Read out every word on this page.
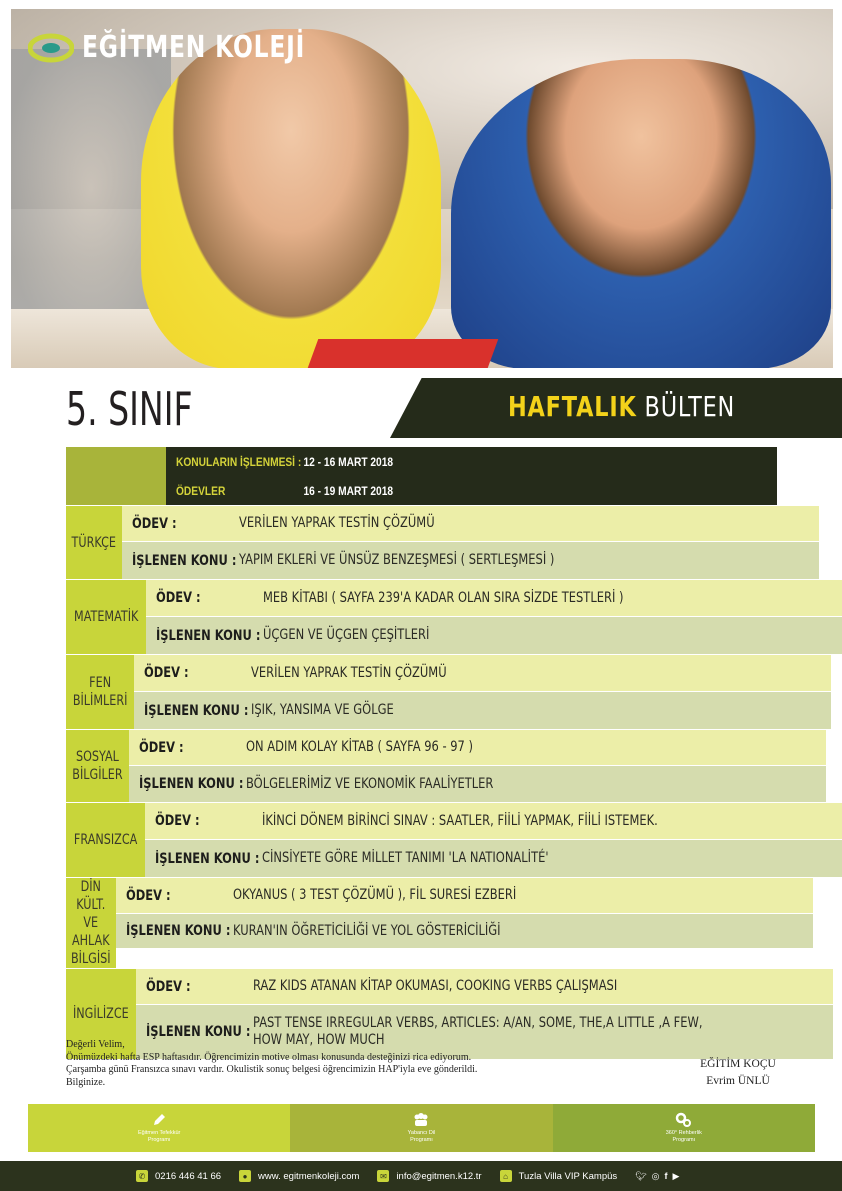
EĞİTMEN KOLEJİ
5. SINIF	HAFTALIK BÜLTEN
KONULARIN İŞLENMESİ : 12 - 16 MART 2018
ÖDEVLER	16 - 19 MART 2018
TÜRKÇE
ÖDEV :	VERİLEN YAPRAK TESTİN ÇÖZÜMÜ
İŞLENEN KONU : YAPIM EKLERİ VE ÜNSÜZ BENZEŞMESİ ( SERTLEŞMESİ )
MATEMATİK
ÖDEV :	MEB KİTABI ( SAYFA 239'A KADAR OLAN SIRA SİZDE TESTLERİ )
İŞLENEN KONU : ÜÇGEN VE ÜÇGEN ÇEŞİTLERİ
FEN BİLİMLERİ
ÖDEV :	VERİLEN YAPRAK TESTİN ÇÖZÜMÜ
İŞLENEN KONU : IŞIK, YANSIMA VE GÖLGE
SOSYAL BİLGİLER
ÖDEV :	ON ADIM KOLAY KİTAB ( SAYFA 96 - 97 )
İŞLENEN KONU : BÖLGELERİMİZ VE EKONOMİK FAALİYETLER
FRANSIZCA
ÖDEV :	İKİNCİ DÖNEM BİRİNCİ SINAV : SAATLER, FİİLİ YAPMAK, FİİLİ ISTEMEK.
İŞLENEN KONU : CİNSİYETE GÖRE MİLLET TANIMI 'LA NATIONALİTÉ'
DİN KÜLT. VE AHLAK BİLGİSİ
ÖDEV :	OKYANUS ( 3 TEST ÇÖZÜMÜ ), FİL SURESİ EZBERİ
İŞLENEN KONU : KURAN'IN ÖĞRETİCİLİĞİ VE YOL GÖSTERİCİLİĞİ
İNGİLİZCE
ÖDEV :	RAZ KIDS ATANAN KİTAP OKUMASI, COOKING VERBS ÇALIŞMASI
İŞLENEN KONU :
PAST TENSE IRREGULAR VERBS, ARTICLES: A/AN, SOME, THE,A LITTLE ,A FEW, HOW MAY, HOW MUCH
Değerli Velim,
Önümüzdeki hafta ESP haftasıdır. Öğrencimizin motive olması konusunda desteğinizi rica ediyorum.
Çarşamba günü Fransızca sınavı vardır. Okulistik sonuç belgesi öğrencimizin HAP'iyla eve gönderildi.
Bilginize.
EĞİTİM KOÇU
Evrim ÜNLÜ
Eğitmen Tefekkür
Programı
Yabancı Dil
Programı
360° Rehberlik
Programı
✆ 0216 446 41 66	●	www. egitmenkoleji.com	✉ info@egitmen.k12.tr	⌂	Tuzla Villa VIP Kampüs 🐦︎ ◎ f ▶
